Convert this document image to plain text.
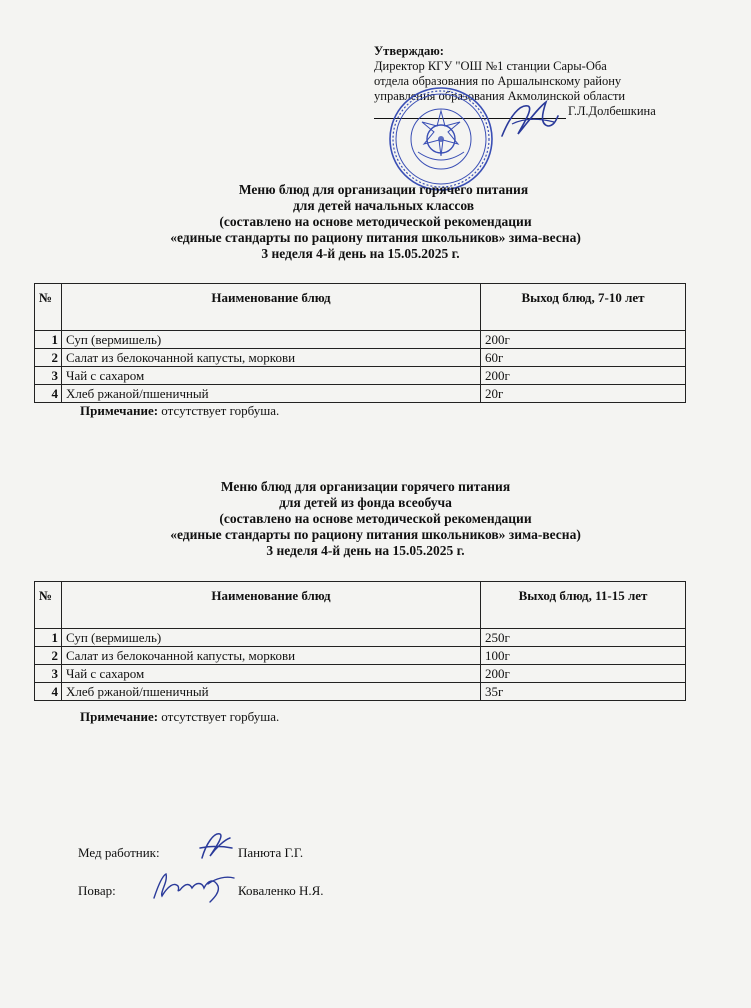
Утверждаю:
Директор КГУ "ОШ №1 станции Сары-Оба
отдела образования по Аршалынскому району
управления образования Акмолинской области
Г.Л.Долбешкина
Меню блюд для организации горячего питания
для детей начальных классов
(составлено на основе методической рекомендации
«единые стандарты по рациону питания школьников» зима-весна)
3 неделя 4-й день на 15.05.2025 г.
№	Наименование блюд	Выход блюд, 7-10 лет
1	Суп (вермишель)	200г
2	Салат из белокочанной капусты, моркови	60г
3	Чай с сахаром	200г
4	Хлеб ржаной/пшеничный	20г
Примечание: отсутствует горбуша.
Меню блюд для организации горячего питания
для детей из фонда всеобуча
(составлено на основе методической рекомендации
«единые стандарты по рациону питания школьников» зима-весна)
3 неделя 4-й день на 15.05.2025 г.
№	Наименование блюд	Выход блюд, 11-15 лет
1	Суп (вермишель)	250г
2	Салат из белокочанной капусты, моркови	100г
3	Чай с сахаром	200г
4	Хлеб ржаной/пшеничный	35г
Примечание: отсутствует горбуша.
Мед работник:	Панюта Г.Г.
Повар:	Коваленко Н.Я.
